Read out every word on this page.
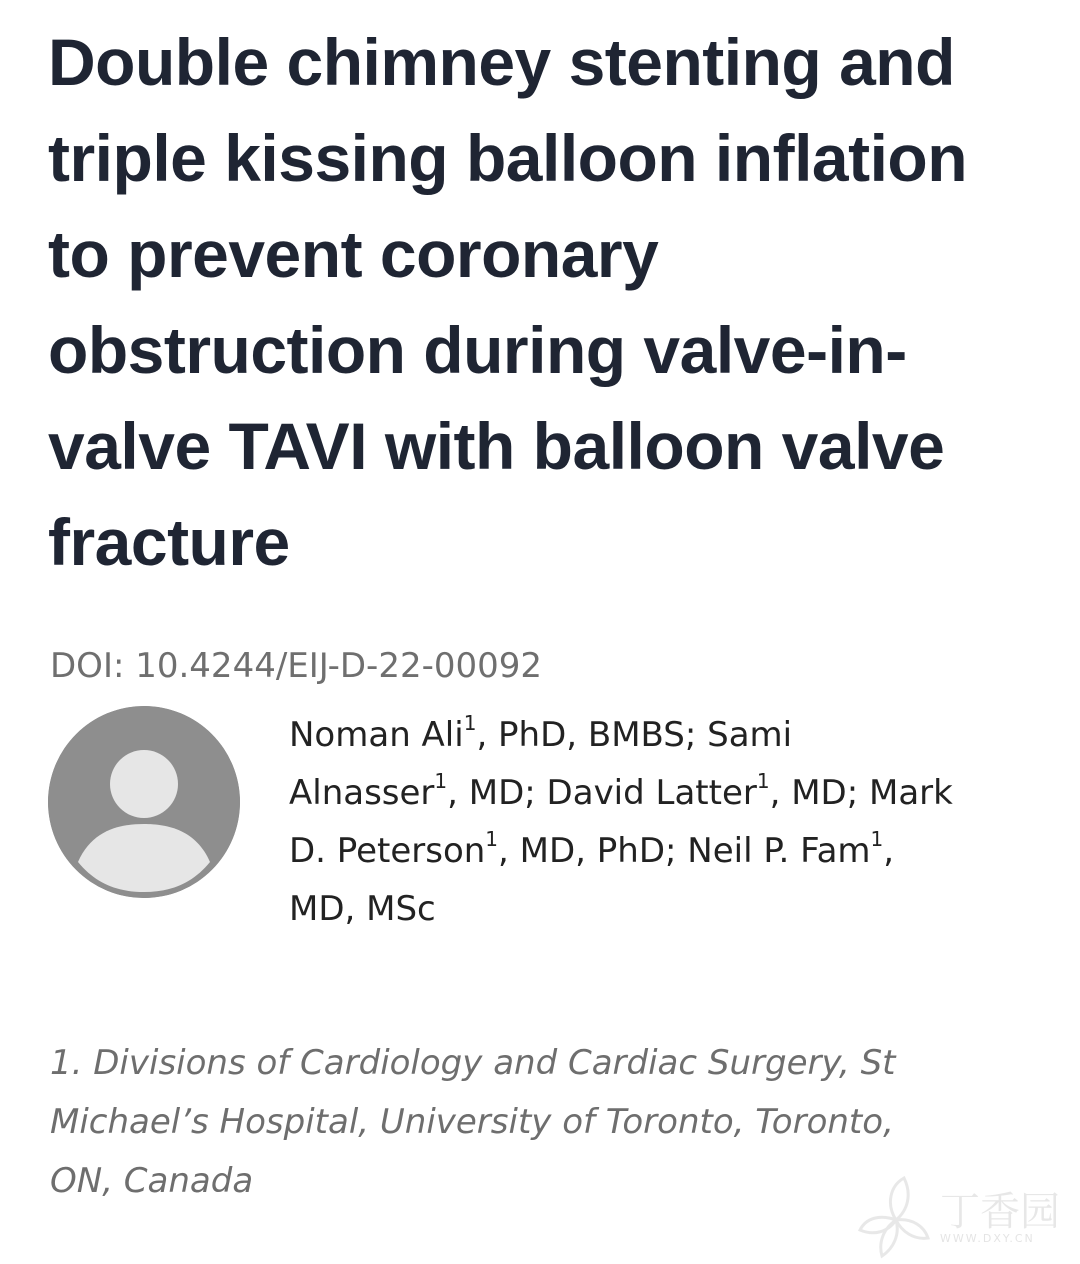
Double chimney stenting and
triple kissing balloon inflation
to prevent coronary
obstruction during valve-in-
valve TAVI with balloon valve
fracture
DOI: 10.4244/EIJ-D-22-00092
Noman Ali$^1$, PhD, BMBS; Sami
Alnasser$^1$, MD; David Latter$^1$, MD; Mark
D. Peterson$^1$, MD, PhD; Neil P. Fam$^1$,
MD, MSc
1. Divisions of Cardiology and Cardiac Surgery, St
Michael’s Hospital, University of Toronto, Toronto,
ON, Canada
丁香园
WWW.DXY.CN
